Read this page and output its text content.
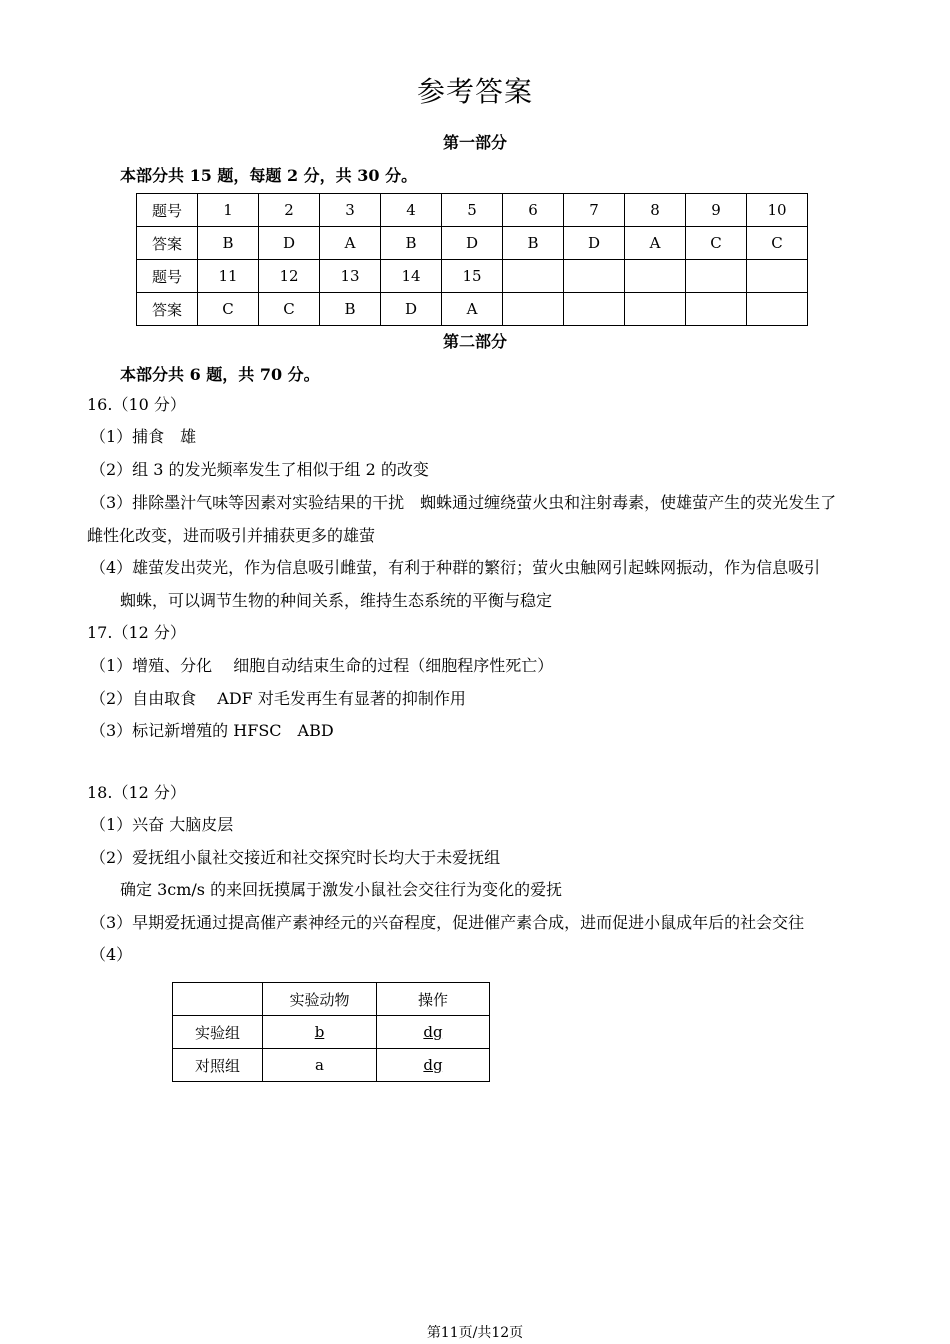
参考答案
第一部分
本部分共 15 题，每题 2 分，共 30 分。
题号	1	2	3	4	5	6	7	8	9	10
答案	B	D	A	B	D	B	D	A	C	C
题号	11	12	13	14	15					
答案	C	C	B	D	A					
第二部分
本部分共 6 题，共 70 分。
16.（10 分）
（1）捕食　雄
（2）组 3 的发光频率发生了相似于组 2 的改变
（3）排除墨汁气味等因素对实验结果的干扰　蜘蛛通过缠绕萤火虫和注射毒素，使雄萤产生的荧光发生了
雌性化改变，进而吸引并捕获更多的雄萤
（4）雄萤发出荧光，作为信息吸引雌萤，有利于种群的繁衍；萤火虫触网引起蛛网振动，作为信息吸引
蜘蛛，可以调节生物的种间关系，维持生态系统的平衡与稳定
17.（12 分）
（1）增殖、分化　 细胞自动结束生命的过程（细胞程序性死亡）
（2）自由取食　 ADF 对毛发再生有显著的抑制作用
（3）标记新增殖的 HFSC　ABD
18.（12 分）
（1）兴奋 大脑皮层
（2）爱抚组小鼠社交接近和社交探究时长均大于未爱抚组
确定 3cm/s 的来回抚摸属于激发小鼠社会交往行为变化的爱抚
（3）早期爱抚通过提高催产素神经元的兴奋程度，促进催产素合成，进而促进小鼠成年后的社会交往
（4）
	实验动物	操作
实验组	b	dg
对照组	a	dg
第11页/共12页
